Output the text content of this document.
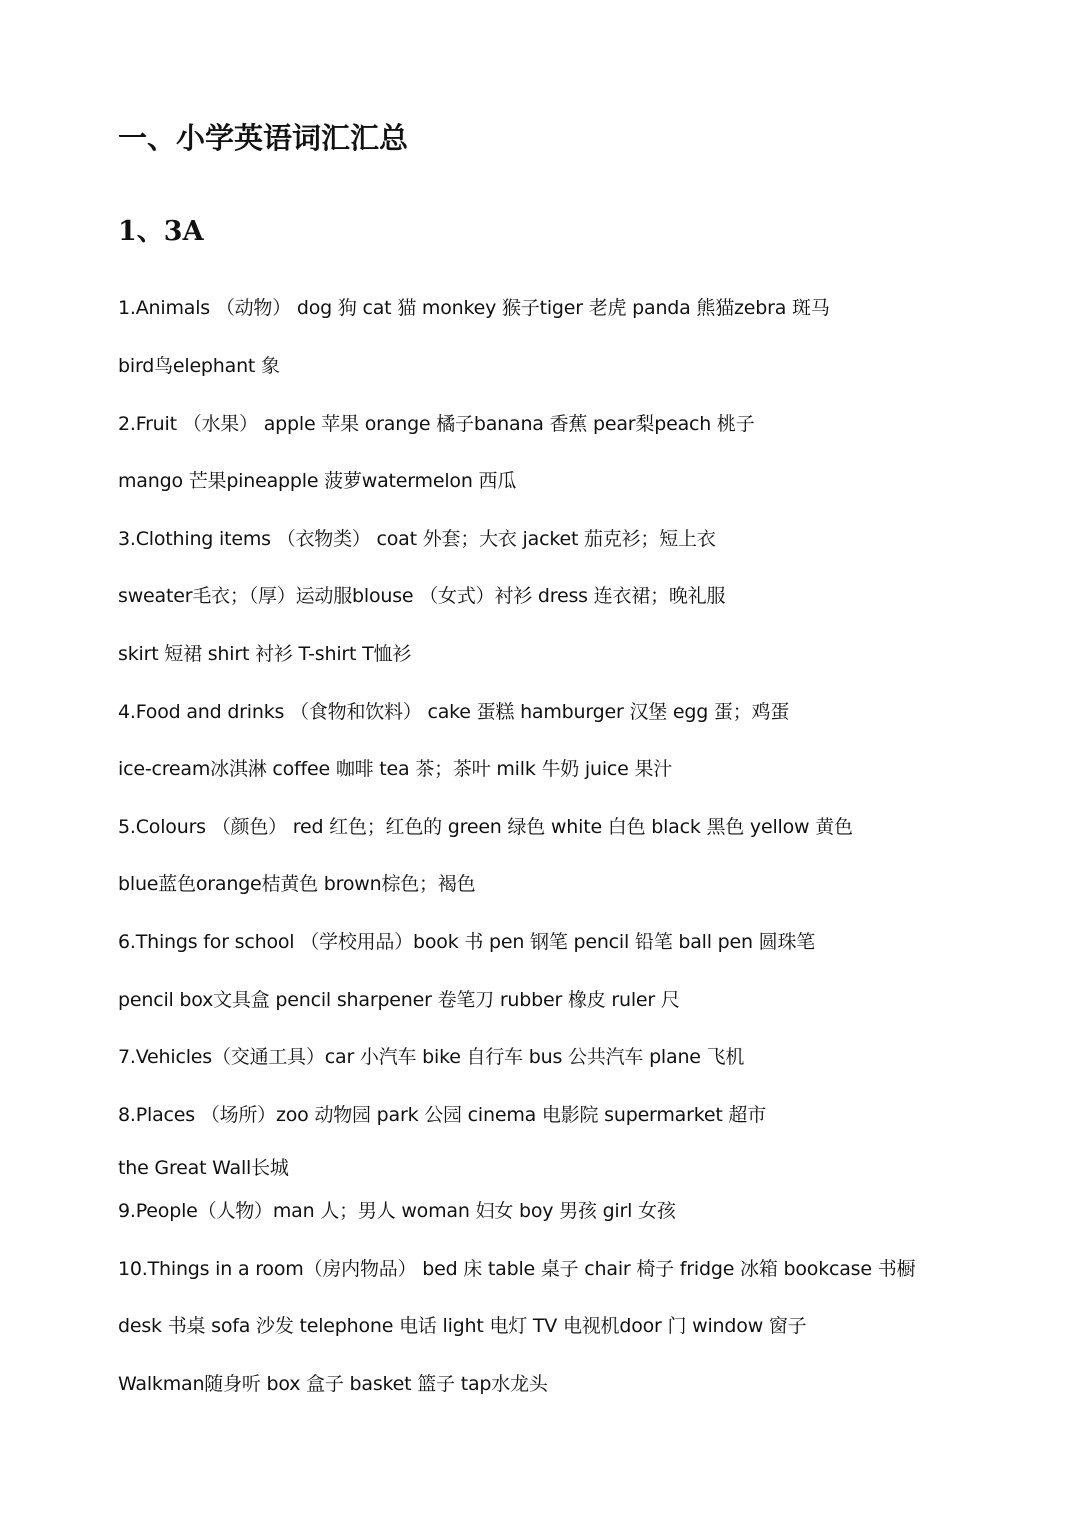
一、小学英语词汇汇总
1、3A

1.Animals （动物） dog 狗 cat 猫 monkey 猴子tiger 老虎 panda 熊猫zebra 斑马

bird鸟elephant 象

2.Fruit （水果） apple 苹果 orange 橘子banana 香蕉 pear梨peach 桃子

mango 芒果pineapple 菠萝watermelon 西瓜

3.Clothing items （衣物类） coat 外套；大衣 jacket 茄克衫；短上衣

sweater毛衣；（厚）运动服blouse （女式）衬衫 dress 连衣裙；晚礼服

skirt 短裙 shirt 衬衫 T-shirt T恤衫

4.Food and drinks （食物和饮料） cake 蛋糕 hamburger 汉堡 egg 蛋；鸡蛋

ice-cream冰淇淋 coffee 咖啡 tea 茶；茶叶 milk 牛奶 juice 果汁

5.Colours （颜色） red 红色；红色的 green 绿色 white 白色 black 黑色 yellow 黄色

blue蓝色orange桔黄色 brown棕色；褐色

6.Things for school （学校用品）book 书 pen 钢笔 pencil 铅笔 ball pen 圆珠笔

pencil box文具盒 pencil sharpener 卷笔刀 rubber 橡皮 ruler 尺

7.Vehicles（交通工具）car 小汽车 bike 自行车 bus 公共汽车 plane 飞机

8.Places （场所）zoo 动物园 park 公园 cinema 电影院 supermarket 超市

the Great Wall长城

9.People（人物）man 人；男人 woman 妇女 boy 男孩 girl 女孩

10.Things in a room（房内物品） bed 床 table 桌子 chair 椅子 fridge 冰箱 bookcase 书橱

desk 书桌 sofa 沙发 telephone 电话 light 电灯 TV 电视机door 门 window 窗子

Walkman随身听 box 盒子 basket 篮子 tap水龙头
